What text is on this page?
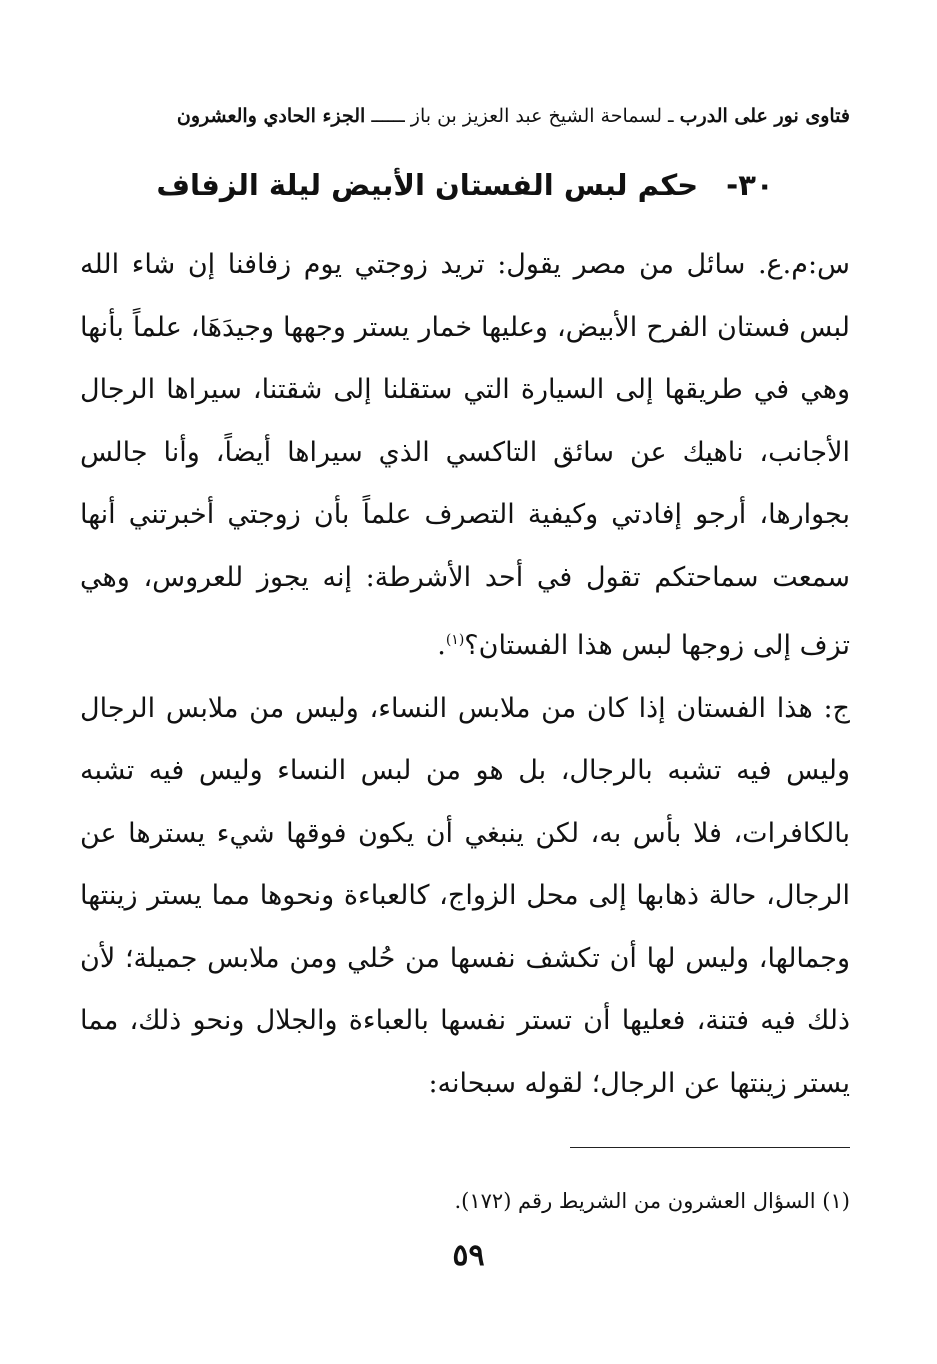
فتاوى نور على الدرب ـ لسماحة الشيخ عبد العزيز بن باز ــــــ الجزء الحادي والعشرون
٣٠-حكم لبس الفستان الأبيض ليلة الزفاف

س:م.ع. سائل من مصر يقول: تريد زوجتي يوم زفافنا إن شاء الله لبس فستان الفرح الأبيض، وعليها خمار يستر وجهها وجيدَهَا، علماً بأنها وهي في طريقها إلى السيارة التي ستقلنا إلى شقتنا، سيراها الرجال الأجانب، ناهيك عن سائق التاكسي الذي سيراها أيضاً، وأنا جالس بجوارها، أرجو إفادتي وكيفية التصرف علماً بأن زوجتي أخبرتني أنها سمعت سماحتكم تقول في أحد الأشرطة: إنه يجوز للعروس، وهي تزف إلى زوجها لبس هذا الفستان؟$^{(١)}$.

ج: هذا الفستان إذا كان من ملابس النساء، وليس من ملابس الرجال وليس فيه تشبه بالرجال، بل هو من لبس النساء وليس فيه تشبه بالكافرات، فلا بأس به، لكن ينبغي أن يكون فوقها شيء يسترها عن الرجال، حالة ذهابها إلى محل الزواج، كالعباءة ونحوها مما يستر زينتها وجمالها، وليس لها أن تكشف نفسها من حُلي ومن ملابس جميلة؛ لأن ذلك فيه فتنة، فعليها أن تستر نفسها بالعباءة والجلال ونحو ذلك، مما يستر زينتها عن الرجال؛ لقوله سبحانه:

(١) السؤال العشرون من الشريط رقم (١٧٢).
٥٩
